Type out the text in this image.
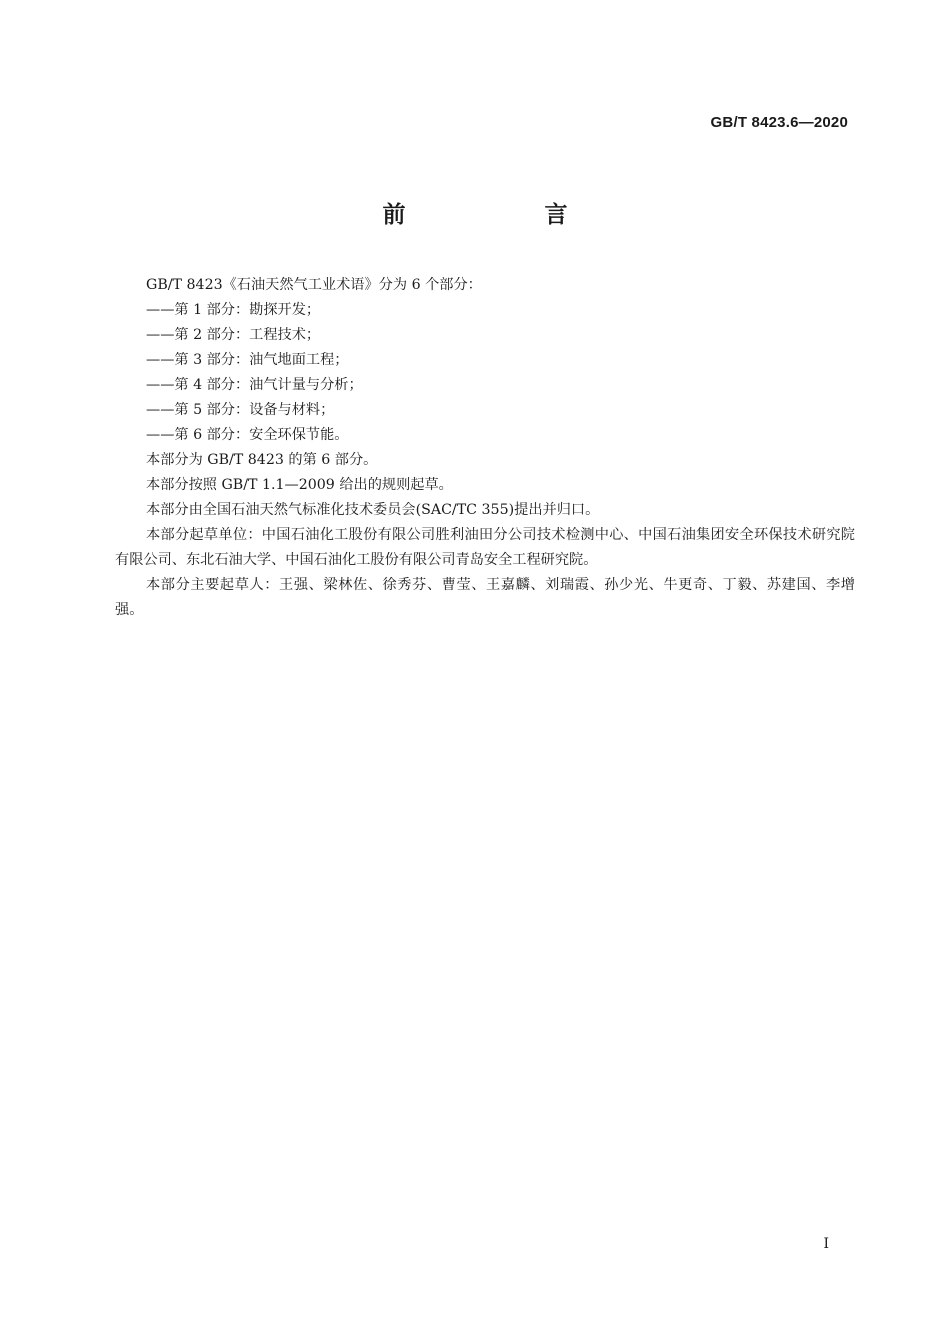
GB/T 8423.6—2020
前　言

GB/T 8423《石油天然气工业术语》分为 6 个部分：

——第 1 部分：勘探开发；

——第 2 部分：工程技术；

——第 3 部分：油气地面工程；

——第 4 部分：油气计量与分析；

——第 5 部分：设备与材料；

——第 6 部分：安全环保节能。

本部分为 GB/T 8423 的第 6 部分。

本部分按照 GB/T 1.1—2009 给出的规则起草。

本部分由全国石油天然气标准化技术委员会(SAC/TC 355)提出并归口。

本部分起草单位：中国石油化工股份有限公司胜利油田分公司技术检测中心、中国石油集团安全环保技术研究院有限公司、东北石油大学、中国石油化工股份有限公司青岛安全工程研究院。

本部分主要起草人：王强、梁林佐、徐秀芬、曹莹、王嘉麟、刘瑞霞、孙少光、牛更奇、丁毅、苏建国、李增强。

I
